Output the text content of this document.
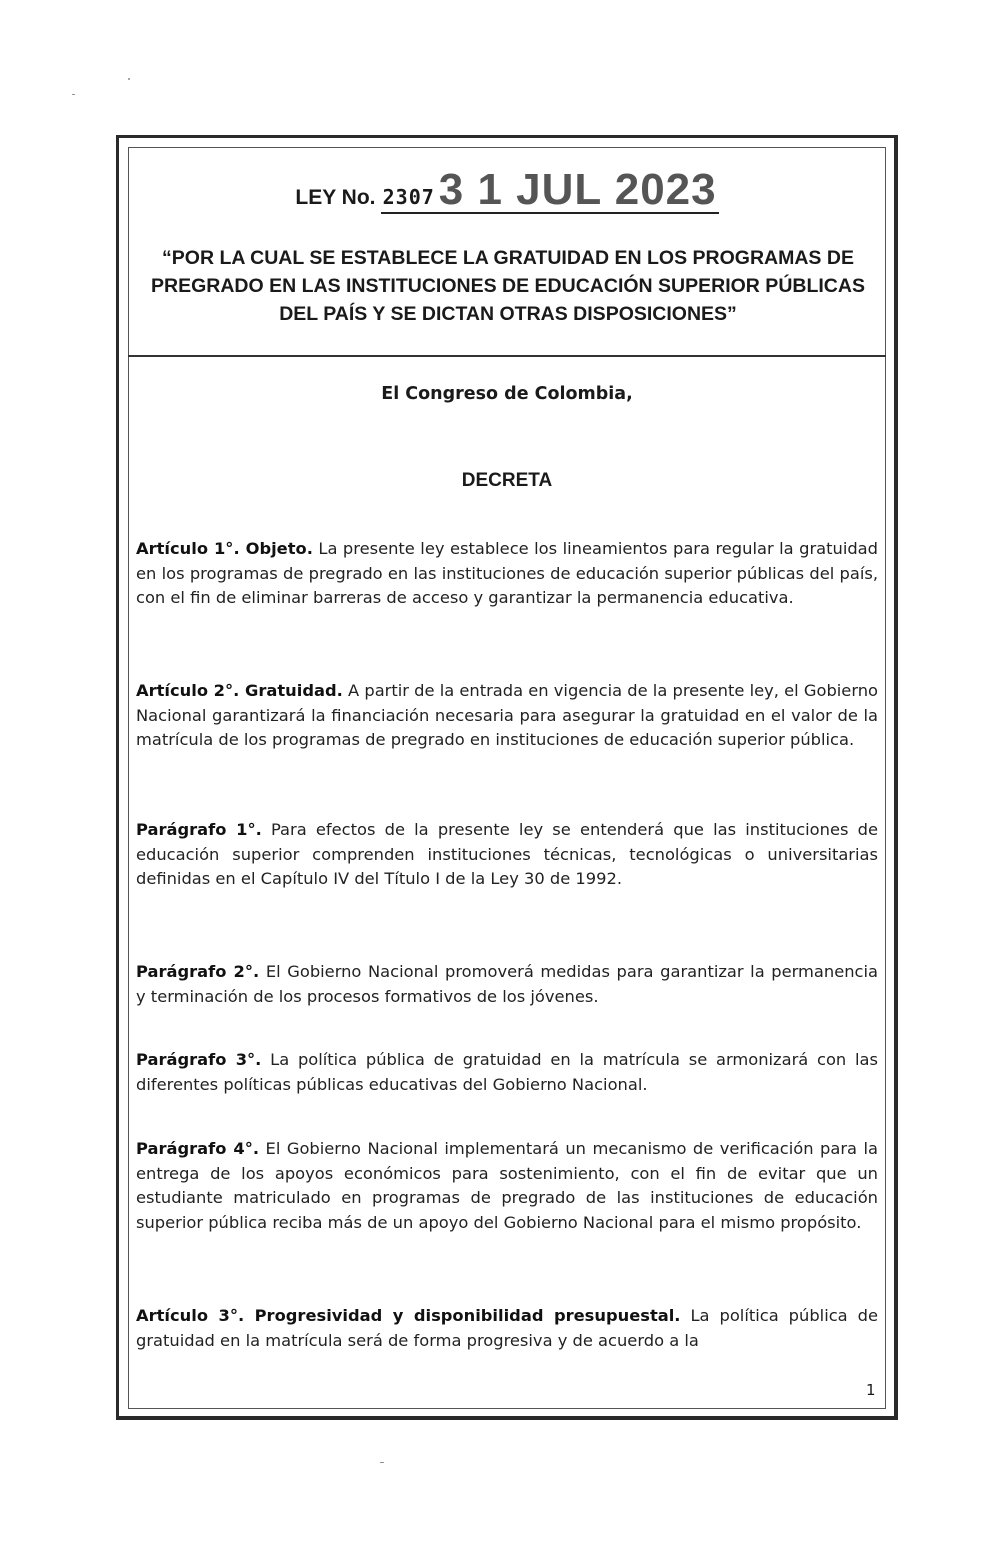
LEY No. 23073 1 JUL 2023

“POR LA CUAL SE ESTABLECE LA GRATUIDAD EN LOS PROGRAMAS DE PREGRADO EN LAS INSTITUCIONES DE EDUCACIÓN SUPERIOR PÚBLICAS DEL PAÍS Y SE DICTAN OTRAS DISPOSICIONES”

El Congreso de Colombia,

DECRETA

Artículo 1°. Objeto. La presente ley establece los lineamientos para regular la gratuidad en los programas de pregrado en las instituciones de educación superior públicas del país, con el fin de eliminar barreras de acceso y garantizar la permanencia educativa.

Artículo 2°. Gratuidad. A partir de la entrada en vigencia de la presente ley, el Gobierno Nacional garantizará la financiación necesaria para asegurar la gratuidad en el valor de la matrícula de los programas de pregrado en instituciones de educación superior pública.

Parágrafo 1°. Para efectos de la presente ley se entenderá que las instituciones de educación superior comprenden instituciones técnicas, tecnológicas o universitarias definidas en el Capítulo IV del Título I de la Ley 30 de 1992.

Parágrafo 2°. El Gobierno Nacional promoverá medidas para garantizar la permanencia y terminación de los procesos formativos de los jóvenes.

Parágrafo 3°. La política pública de gratuidad en la matrícula se armonizará con las diferentes políticas públicas educativas del Gobierno Nacional.

Parágrafo 4°. El Gobierno Nacional implementará un mecanismo de verificación para la entrega de los apoyos económicos para sostenimiento, con el fin de evitar que un estudiante matriculado en programas de pregrado de las instituciones de educación superior pública reciba más de un apoyo del Gobierno Nacional para el mismo propósito.

Artículo 3°. Progresividad y disponibilidad presupuestal. La política pública de gratuidad en la matrícula será de forma progresiva y de acuerdo a la

1
